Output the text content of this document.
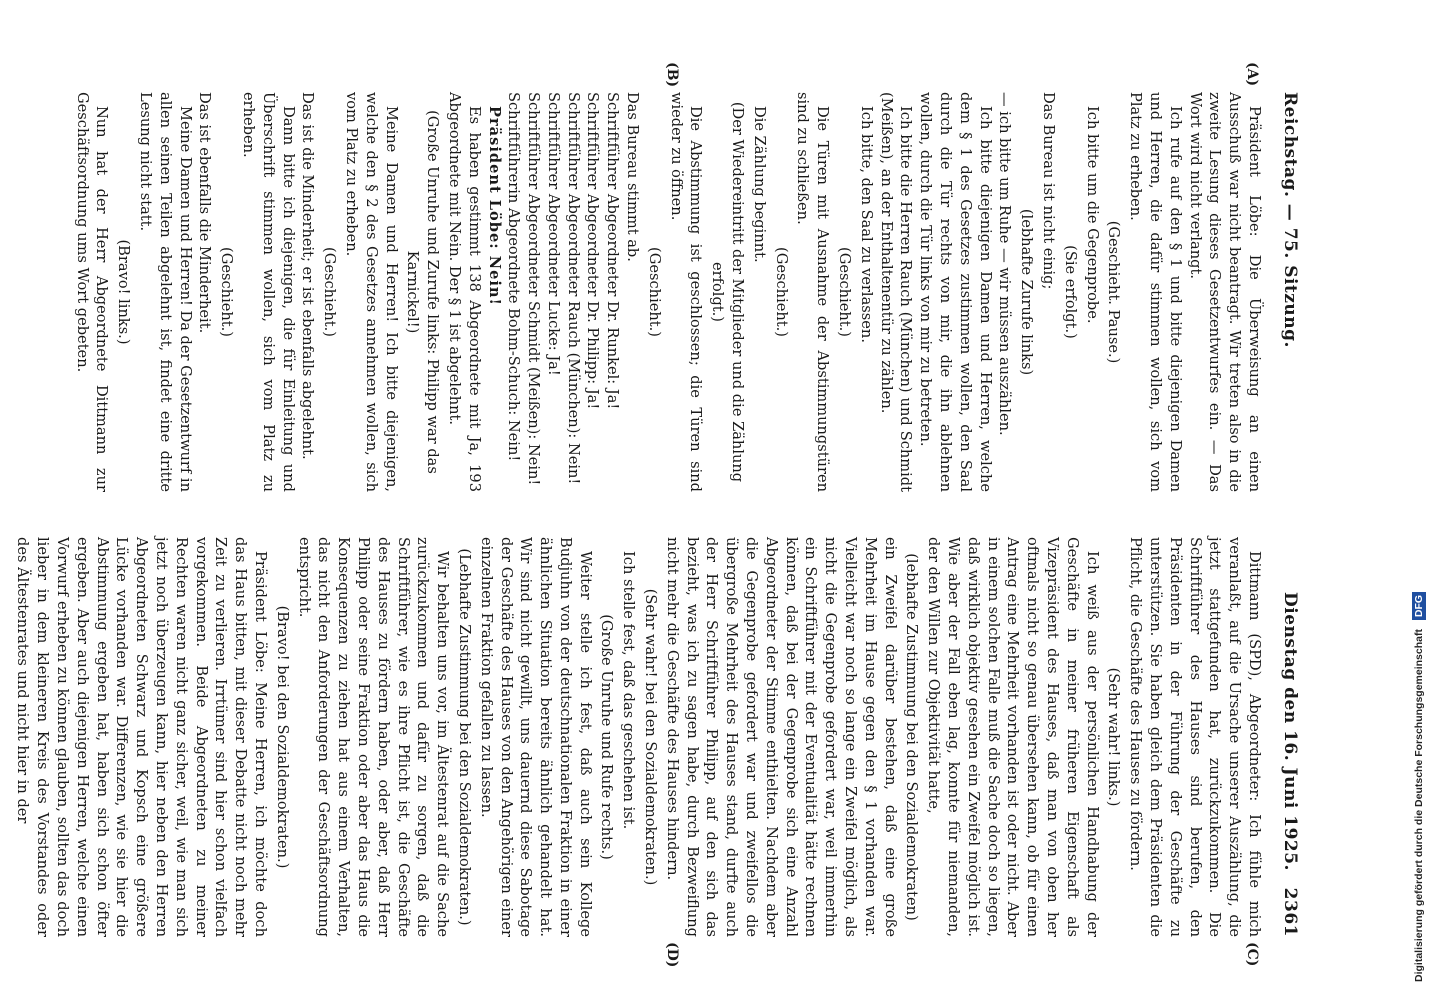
Reichstag. — 75. Sitzung.
Dienstag den 16. Juni 1925.
2361
(A)
(B)
(C)
(D)

Präsident Löbe: Die Überweisung an einen Ausschuß war nicht beantragt. Wir treten also in die zweite Lesung dieses Gesetzentwurfes ein. — Das Wort wird nicht verlangt.

Ich rufe auf den § 1 und bitte diejenigen Damen und Herren, die dafür stimmen wollen, sich vom Platz zu erheben.

(Geschieht. Pause.)

Ich bitte um die Gegenprobe.

(Sie erfolgt.)

Das Bureau ist nicht einig;

(lebhafte Zurufe links)

— ich bitte um Ruhe — wir müssen auszählen.

Ich bitte diejenigen Damen und Herren, welche dem § 1 des Gesetzes zustimmen wollen, den Saal durch die Tür rechts von mir, die ihn ablehnen wollen, durch die Tür links von mir zu betreten.

Ich bitte die Herren Rauch (München) und Schmidt (Meißen), an der Enthaltenentür zu zählen.

Ich bitte, den Saal zu verlassen.

(Geschieht.)

Die Türen mit Ausnahme der Abstimmungstüren sind zu schließen.

(Geschieht.)

Die Zählung beginnt.

(Der Wiedereintritt der Mitglieder und die Zählung erfolgt.)

Die Abstimmung ist geschlossen; die Türen sind wieder zu öffnen.

(Geschieht.)

Das Bureau stimmt ab.

Schriftführer Abgeordneter Dr. Runkel: Ja!

Schriftführer Abgeordneter Dr. Philipp: Ja!

Schriftführer Abgeordneter Rauch (München): Nein!

Schriftführer Abgeordneter Lucke: Ja!

Schriftführer Abgeordneter Schmidt (Meißen): Nein!

Schriftführerin Abgeordnete Bohm-Schuch: Nein!

Präsident Löbe: Nein!

Es haben gestimmt 138 Abgeordnete mit Ja, 193 Abgeordnete mit Nein. Der § 1 ist abgelehnt.

(Große Unruhe und Zurufe links: Philipp war das Karnickel!)

Meine Damen und Herren! Ich bitte diejenigen, welche den § 2 des Gesetzes annehmen wollen, sich vom Platz zu erheben.

(Geschieht.)

Das ist die Minderheit; er ist ebenfalls abgelehnt.

Dann bitte ich diejenigen, die für Einleitung und Überschrift stimmen wollen, sich vom Platz zu erheben.

(Geschieht.)

Das ist ebenfalls die Minderheit.

Meine Damen und Herren! Da der Gesetzentwurf in allen seinen Teilen abgelehnt ist, findet eine dritte Lesung nicht statt.

(Bravo! links.)

Nun hat der Herr Abgeordnete Dittmann zur Geschäftsordnung ums Wort gebeten.

Dittmann (SPD), Abgeordneter: Ich fühle mich veranlaßt, auf die Ursache unserer Auszählung, die jetzt stattgefunden hat, zurückzukommen. Die Schriftführer des Hauses sind berufen, den Präsidenten in der Führung der Geschäfte zu unterstützen. Sie haben gleich dem Präsidenten die Pflicht, die Geschäfte des Hauses zu fördern.

(Sehr wahr! links.)

Ich weiß aus der persönlichen Handhabung der Geschäfte in meiner früheren Eigenschaft als Vizepräsident des Hauses, daß man von oben her oftmals nicht so genau übersehen kann, ob für einen Antrag eine Mehrheit vorhanden ist oder nicht. Aber in einem solchen Falle muß die Sache doch so liegen, daß wirklich objektiv gesehen ein Zweifel möglich ist. Wie aber der Fall eben lag, konnte für niemanden, der den Willen zur Objektivität hatte,

(lebhafte Zustimmung bei den Sozialdemokraten)

ein Zweifel darüber bestehen, daß eine große Mehrheit im Hause gegen den § 1 vorhanden war. Vielleicht war noch so lange ein Zweifel möglich, als nicht die Gegenprobe gefordert war, weil immerhin ein Schriftführer mit der Eventualität hätte rechnen können, daß bei der Gegenprobe sich eine Anzahl Abgeordneter der Stimme enthielten. Nachdem aber die Gegenprobe gefordert war und zweifellos die übergroße Mehrheit des Hauses stand, durfte auch der Herr Schriftführer Philipp, auf den sich das bezieht, was ich zu sagen habe, durch Bezweiflung nicht mehr die Geschäfte des Hauses hindern.

(Sehr wahr! bei den Sozialdemokraten.)

Ich stelle fest, daß das geschehen ist.

(Große Unruhe und Rufe rechts.)

Weiter stelle ich fest, daß auch sein Kollege Budjuhn von der deutschnationalen Fraktion in einer ähnlichen Situation bereits ähnlich gehandelt hat. Wir sind nicht gewillt, uns dauernd diese Sabotage der Geschäfte des Hauses von den Angehörigen einer einzelnen Fraktion gefallen zu lassen.

(Lebhafte Zustimmung bei den Sozialdemokraten.)

Wir behalten uns vor, im Ältestenrat auf die Sache zurückzukommen und dafür zu sorgen, daß die Schriftführer, wie es ihre Pflicht ist, die Geschäfte des Hauses zu fördern haben, oder aber, daß Herr Philipp oder seine Fraktion oder aber das Haus die Konsequenzen zu ziehen hat aus einem Verhalten, das nicht den Anforderungen der Geschäftsordnung entspricht.

(Bravo! bei den Sozialdemokraten.)

Präsident Löbe: Meine Herren, ich möchte doch das Haus bitten, mit dieser Debatte nicht noch mehr Zeit zu verlieren. Irrtümer sind hier schon vielfach vorgekommen. Beide Abgeordneten zu meiner Rechten waren nicht ganz sicher, weil, wie man sich jetzt noch überzeugen kann, hier neben den Herren Abgeordneten Schwarz und Kopsch eine größere Lücke vorhanden war. Differenzen, wie sie hier die Abstimmung ergeben hat, haben sich schon öfter ergeben. Aber auch diejenigen Herren, welche einen Vorwurf erheben zu können glauben, sollten das doch lieber in dem kleineren Kreis des Vorstandes oder des Ältestenrates und nicht hier in der	Digitalisierung gefördert durch die Deutsche Forschungsgemeinschaft DFG
